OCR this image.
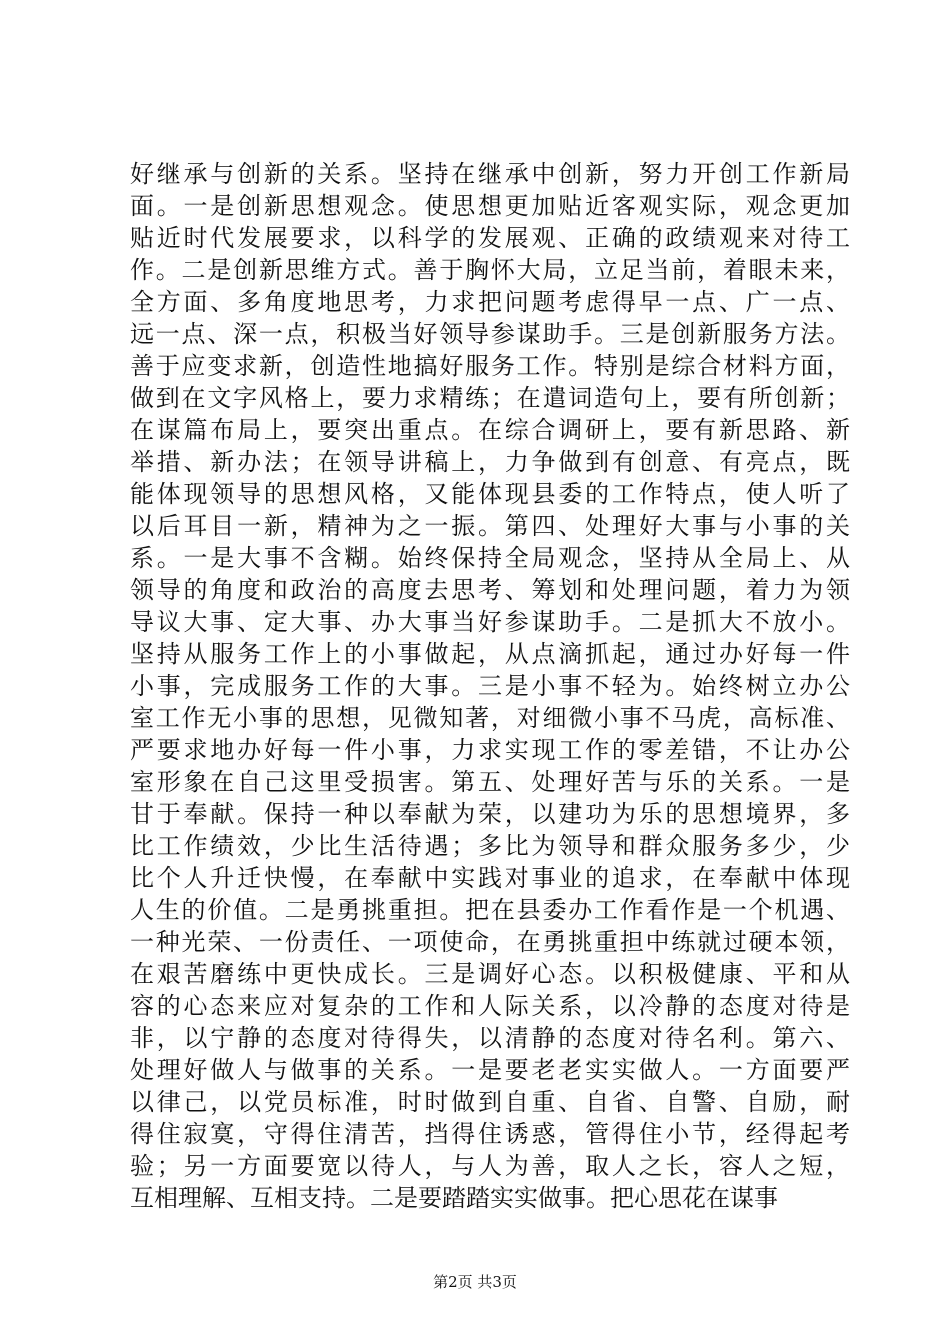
好继承与创新的关系。坚持在继承中创新，努力开创工作新局
面。一是创新思想观念。使思想更加贴近客观实际，观念更加
贴近时代发展要求，以科学的发展观、正确的政绩观来对待工
作。二是创新思维方式。善于胸怀大局，立足当前，着眼未来，
全方面、多角度地思考，力求把问题考虑得早一点、广一点、
远一点、深一点，积极当好领导参谋助手。三是创新服务方法。
善于应变求新，创造性地搞好服务工作。特别是综合材料方面，
做到在文字风格上，要力求精练；在遣词造句上，要有所创新；
在谋篇布局上，要突出重点。在综合调研上，要有新思路、新
举措、新办法；在领导讲稿上，力争做到有创意、有亮点，既
能体现领导的思想风格，又能体现县委的工作特点，使人听了
以后耳目一新，精神为之一振。第四、处理好大事与小事的关
系。一是大事不含糊。始终保持全局观念，坚持从全局上、从
领导的角度和政治的高度去思考、筹划和处理问题，着力为领
导议大事、定大事、办大事当好参谋助手。二是抓大不放小。
坚持从服务工作上的小事做起，从点滴抓起，通过办好每一件
小事，完成服务工作的大事。三是小事不轻为。始终树立办公
室工作无小事的思想，见微知著，对细微小事不马虎，高标准、
严要求地办好每一件小事，力求实现工作的零差错，不让办公
室形象在自己这里受损害。第五、处理好苦与乐的关系。一是
甘于奉献。保持一种以奉献为荣，以建功为乐的思想境界，多
比工作绩效，少比生活待遇；多比为领导和群众服务多少，少
比个人升迁快慢，在奉献中实践对事业的追求，在奉献中体现
人生的价值。二是勇挑重担。把在县委办工作看作是一个机遇、
一种光荣、一份责任、一项使命，在勇挑重担中练就过硬本领，
在艰苦磨练中更快成长。三是调好心态。以积极健康、平和从
容的心态来应对复杂的工作和人际关系，以冷静的态度对待是
非，以宁静的态度对待得失，以清静的态度对待名利。第六、
处理好做人与做事的关系。一是要老老实实做人。一方面要严
以律己，以党员标准，时时做到自重、自省、自警、自励，耐
得住寂寞，守得住清苦，挡得住诱惑，管得住小节，经得起考
验；另一方面要宽以待人，与人为善，取人之长，容人之短，
互相理解、互相支持。二是要踏踏实实做事。把心思花在谋事
第2页 共3页
